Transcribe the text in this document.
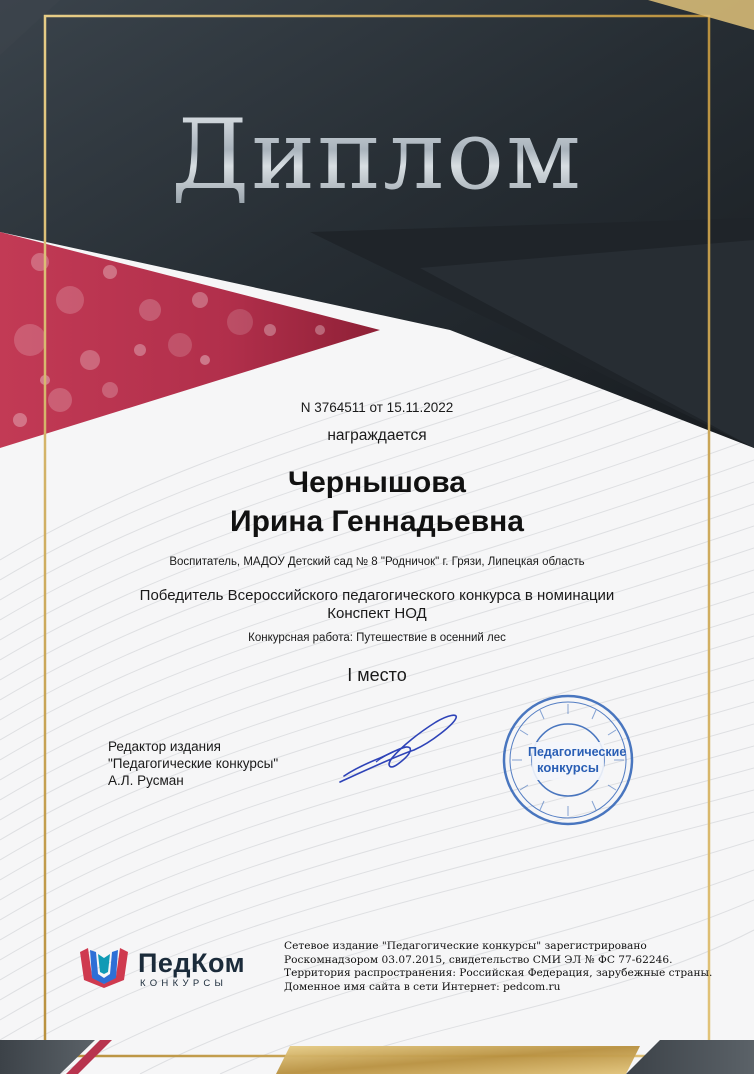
Диплом
N 3764511 от 15.11.2022
награждается
Чернышова
Ирина Геннадьевна
Воспитатель, МАДОУ Детский сад № 8 "Родничок" г. Грязи, Липецкая область
Победитель Всероссийского педагогического конкурса в номинации
Конспект НОД
Конкурсная работа: Путешествие в осенний лес
I место
Редактор издания
"Педагогические конкурсы"
А.Л. Русман
Педагогические
конкурсы
ПедКом
КОНКУРСЫ
Сетевое издание "Педагогические конкурсы" зарегистрировано
Роскомнадзором 03.07.2015, свидетельство СМИ ЭЛ № ФС 77-62246.
Территория распространения: Российская Федерация, зарубежные страны.
Доменное имя сайта в сети Интернет: pedcom.ru
